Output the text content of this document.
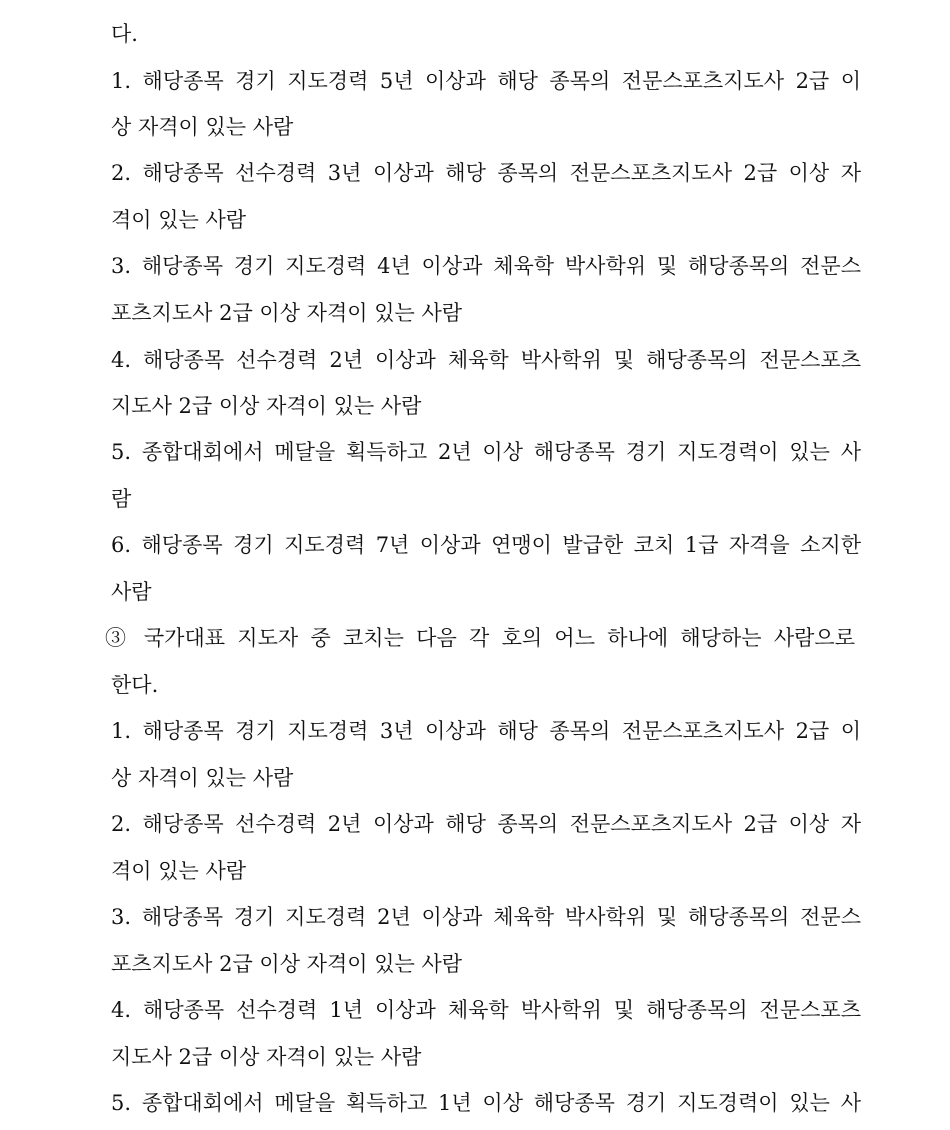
다.
1. 해당종목 경기 지도경력 5년 이상과 해당 종목의 전문스포츠지도사 2급 이
상 자격이 있는 사람
2. 해당종목 선수경력 3년 이상과 해당 종목의 전문스포츠지도사 2급 이상 자
격이 있는 사람
3. 해당종목 경기 지도경력 4년 이상과 체육학 박사학위 및 해당종목의 전문스
포츠지도사 2급 이상 자격이 있는 사람
4. 해당종목 선수경력 2년 이상과 체육학 박사학위 및 해당종목의 전문스포츠
지도사 2급 이상 자격이 있는 사람
5. 종합대회에서 메달을 획득하고 2년 이상 해당종목 경기 지도경력이 있는 사
람
6. 해당종목 경기 지도경력 7년 이상과 연맹이 발급한 코치 1급 자격을 소지한
사람
③ 국가대표 지도자 중 코치는 다음 각 호의 어느 하나에 해당하는 사람으로
한다.
1. 해당종목 경기 지도경력 3년 이상과 해당 종목의 전문스포츠지도사 2급 이
상 자격이 있는 사람
2. 해당종목 선수경력 2년 이상과 해당 종목의 전문스포츠지도사 2급 이상 자
격이 있는 사람
3. 해당종목 경기 지도경력 2년 이상과 체육학 박사학위 및 해당종목의 전문스
포츠지도사 2급 이상 자격이 있는 사람
4. 해당종목 선수경력 1년 이상과 체육학 박사학위 및 해당종목의 전문스포츠
지도사 2급 이상 자격이 있는 사람
5. 종합대회에서 메달을 획득하고 1년 이상 해당종목 경기 지도경력이 있는 사
